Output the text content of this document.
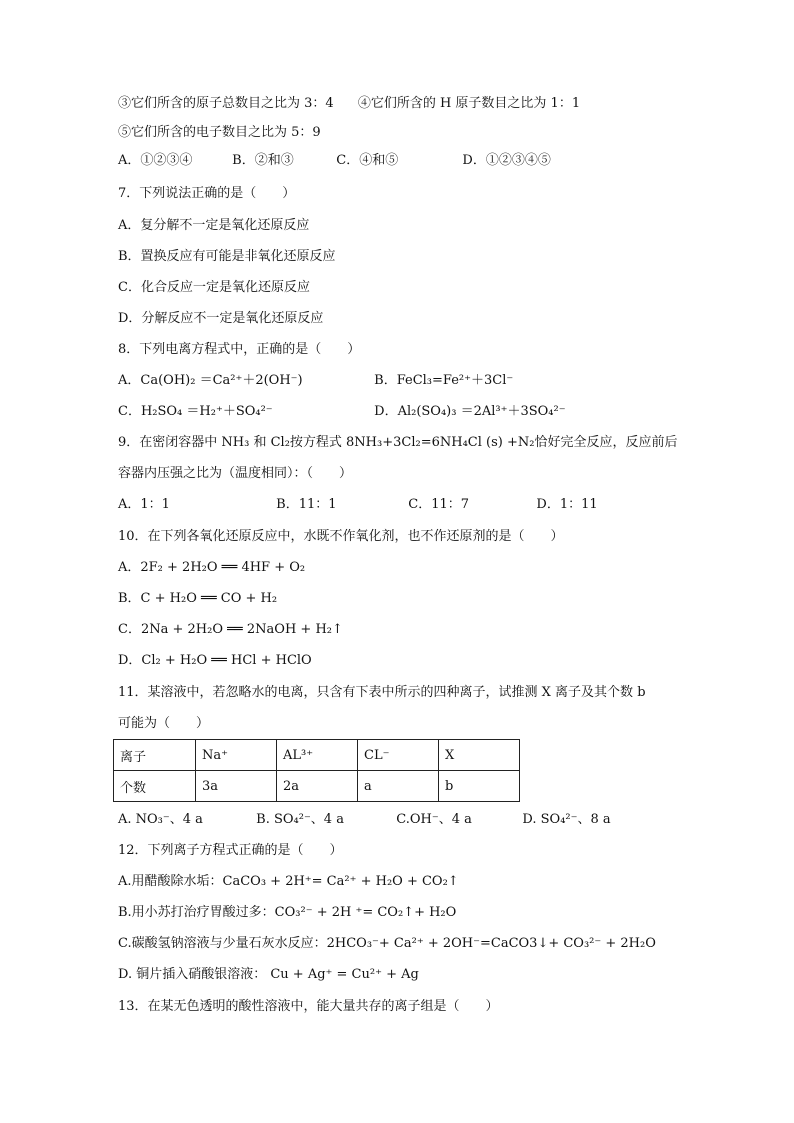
③它们所含的原子总数目之比为 3：4 ④它们所含的 H 原子数目之比为 1：1
⑤它们所含的电子数目之比为 5：9
A．①②③④	B．②和③	C．④和⑤	D．①②③④⑤
7．下列说法正确的是（　　）
A．复分解不一定是氧化还原反应
B．置换反应有可能是非氧化还原反应
C．化合反应一定是氧化还原反应
D．分解反应不一定是氧化还原反应
8．下列电离方程式中，正确的是（　　）
A．Ca(OH)₂ ＝Ca²⁺＋2(OH⁻)	B．FeCl₃=Fe²⁺＋3Cl⁻
C．H₂SO₄ ＝H₂⁺＋SO₄²⁻	D．Al₂(SO₄)₃ ＝2Al³⁺＋3SO₄²⁻
9．在密闭容器中 NH₃ 和 Cl₂按方程式 8NH₃+3Cl₂=6NH₄Cl (s) +N₂恰好完全反应，反应前后
容器内压强之比为（温度相同）：（　　）
A．1：1	B．11：1	C．11：7	D．1：11
10．在下列各氧化还原反应中，水既不作氧化剂，也不作还原剂的是（　　）
A．2F₂ + 2H₂O ══ 4HF + O₂
B．C + H₂O ══ CO + H₂
C．2Na + 2H₂O ══ 2NaOH + H₂↑
D．Cl₂ + H₂O ══ HCl + HClO
11．某溶液中，若忽略水的电离，只含有下表中所示的四种离子，试推测 X 离子及其个数 b
可能为（　　）
离子	Na⁺	AL³⁺	CL⁻	X
个数	3a	2a	a	b
A. NO₃⁻、4 a	B. SO₄²⁻、4 a	C.OH⁻、4 a	D. SO₄²⁻、8 a
12．下列离子方程式正确的是（　　）
A.用醋酸除水垢：CaCO₃ + 2H⁺= Ca²⁺ + H₂O + CO₂↑
B.用小苏打治疗胃酸过多：CO₃²⁻ + 2H ⁺= CO₂↑+ H₂O
C.碳酸氢钠溶液与少量石灰水反应：2HCO₃⁻+ Ca²⁺ + 2OH⁻=CaCO3↓+ CO₃²⁻ + 2H₂O
D. 铜片插入硝酸银溶液： Cu + Ag⁺ = Cu²⁺ + Ag
13．在某无色透明的酸性溶液中，能大量共存的离子组是（　　）
